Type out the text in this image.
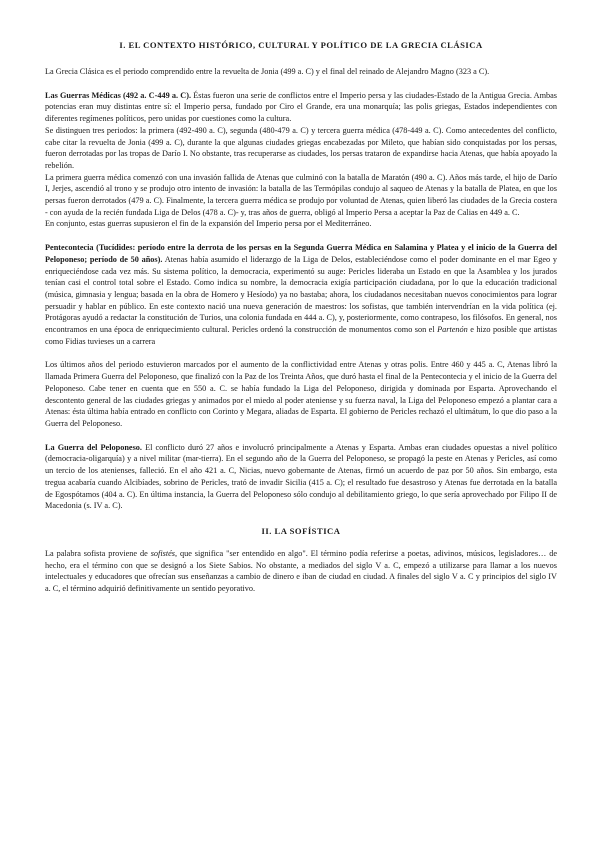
I. EL CONTEXTO HISTÓRICO, CULTURAL Y POLÍTICO DE LA GRECIA CLÁSICA

La Grecia Clásica es el periodo comprendido entre la revuelta de Jonia (499 a. C) y el final del reinado de Alejandro Magno (323 a C).

Las Guerras Médicas (492 a. C-449 a. C). Éstas fueron una serie de conflictos entre el Imperio persa y las ciudades-Estado de la Antigua Grecia. Ambas potencias eran muy distintas entre sí: el Imperio persa, fundado por Ciro el Grande, era una monarquía; las polis griegas, Estados independientes con diferentes regímenes políticos, pero unidas por cuestiones como la cultura.

Se distinguen tres periodos: la primera (492-490 a. C), segunda (480-479 a. C) y tercera guerra médica (478-449 a. C). Como antecedentes del conflicto, cabe citar la revuelta de Jonia (499 a. C), durante la que algunas ciudades griegas encabezadas por Mileto, que habían sido conquistadas por los persas, fueron derrotadas por las tropas de Darío I. No obstante, tras recuperarse as ciudades, los persas trataron de expandirse hacia Atenas, que había apoyado la rebelión.

La primera guerra médica comenzó con una invasión fallida de Atenas que culminó con la batalla de Maratón (490 a. C). Años más tarde, el hijo de Darío I, Jerjes, ascendió al trono y se produjo otro intento de invasión: la batalla de las Termópilas condujo al saqueo de Atenas y la batalla de Platea, en que los persas fueron derrotados (479 a. C). Finalmente, la tercera guerra médica se produjo por voluntad de Atenas, quien liberó las ciudades de la Grecia costera - con ayuda de la recién fundada Liga de Delos (478 a. C)- y, tras años de guerra, obligó al Imperio Persa a aceptar la Paz de Calias en 449 a. C.

En conjunto, estas guerras supusieron el fin de la expansión del Imperio persa por el Mediterráneo.

Pentecontecia (Tucídides: período entre la derrota de los persas en la Segunda Guerra Médica en Salamina y Platea y el inicio de la Guerra del Peloponeso; período de 50 años). Atenas había asumido el liderazgo de la Liga de Delos, estableciéndose como el poder dominante en el mar Egeo y enriqueciéndose cada vez más. Su sistema político, la democracia, experimentó su auge: Pericles lideraba un Estado en que la Asamblea y los jurados tenían casi el control total sobre el Estado. Como indica su nombre, la democracia exigía participación ciudadana, por lo que la educación tradicional (música, gimnasia y lengua; basada en la obra de Homero y Hesíodo) ya no bastaba; ahora, los ciudadanos necesitaban nuevos conocimientos para lograr persuadir y hablar en público. En este contexto nació una nueva generación de maestros: los sofistas, que también intervendrían en la vida política (ej. Protágoras ayudó a redactar la constitución de Turios, una colonia fundada en 444 a. C), y, posteriormente, como contrapeso, los filósofos. En general, nos encontramos en una época de enriquecimiento cultural. Pericles ordenó la construcción de monumentos como son el Partenón e hizo posible que artistas como Fidias tuvieses un a carrera

Los últimos años del periodo estuvieron marcados por el aumento de la conflictividad entre Atenas y otras polis. Entre 460 y 445 a. C, Atenas libró la llamada Primera Guerra del Peloponeso, que finalizó con la Paz de los Treinta Años, que duró hasta el final de la Pentecontecia y el inicio de la Guerra del Peloponeso. Cabe tener en cuenta que en 550 a. C. se había fundado la Liga del Peloponeso, dirigida y dominada por Esparta. Aprovechando el descontento general de las ciudades griegas y animados por el miedo al poder ateniense y su fuerza naval, la Liga del Peloponeso empezó a plantar cara a Atenas: ésta última había entrado en conflicto con Corinto y Megara, aliadas de Esparta. El gobierno de Pericles rechazó el ultimátum, lo que dio paso a la Guerra del Peloponeso.

La Guerra del Peloponeso. El conflicto duró 27 años e involucró principalmente a Atenas y Esparta. Ambas eran ciudades opuestas a nivel político (democracia-oligarquía) y a nivel militar (mar-tierra). En el segundo año de la Guerra del Peloponeso, se propagó la peste en Atenas y Pericles, así como un tercio de los atenienses, falleció. En el año 421 a. C, Nicias, nuevo gobernante de Atenas, firmó un acuerdo de paz por 50 años. Sin embargo, esta tregua acabaría cuando Alcibíades, sobrino de Pericles, trató de invadir Sicilia (415 a. C); el resultado fue desastroso y Atenas fue derrotada en la batalla de Egospótamos (404 a. C). En última instancia, la Guerra del Peloponeso sólo condujo al debilitamiento griego, lo que sería aprovechado por Filipo II de Macedonia (s. IV a. C).

II. LA SOFÍSTICA

La palabra sofista proviene de sofistés, que significa "ser entendido en algo". El término podía referirse a poetas, adivinos, músicos, legisladores… de hecho, era el término con que se designó a los Siete Sabios. No obstante, a mediados del siglo V a. C, empezó a utilizarse para llamar a los nuevos intelectuales y educadores que ofrecían sus enseñanzas a cambio de dinero e iban de ciudad en ciudad. A finales del siglo V a. C y principios del siglo IV a. C, el término adquirió definitivamente un sentido peyorativo.
